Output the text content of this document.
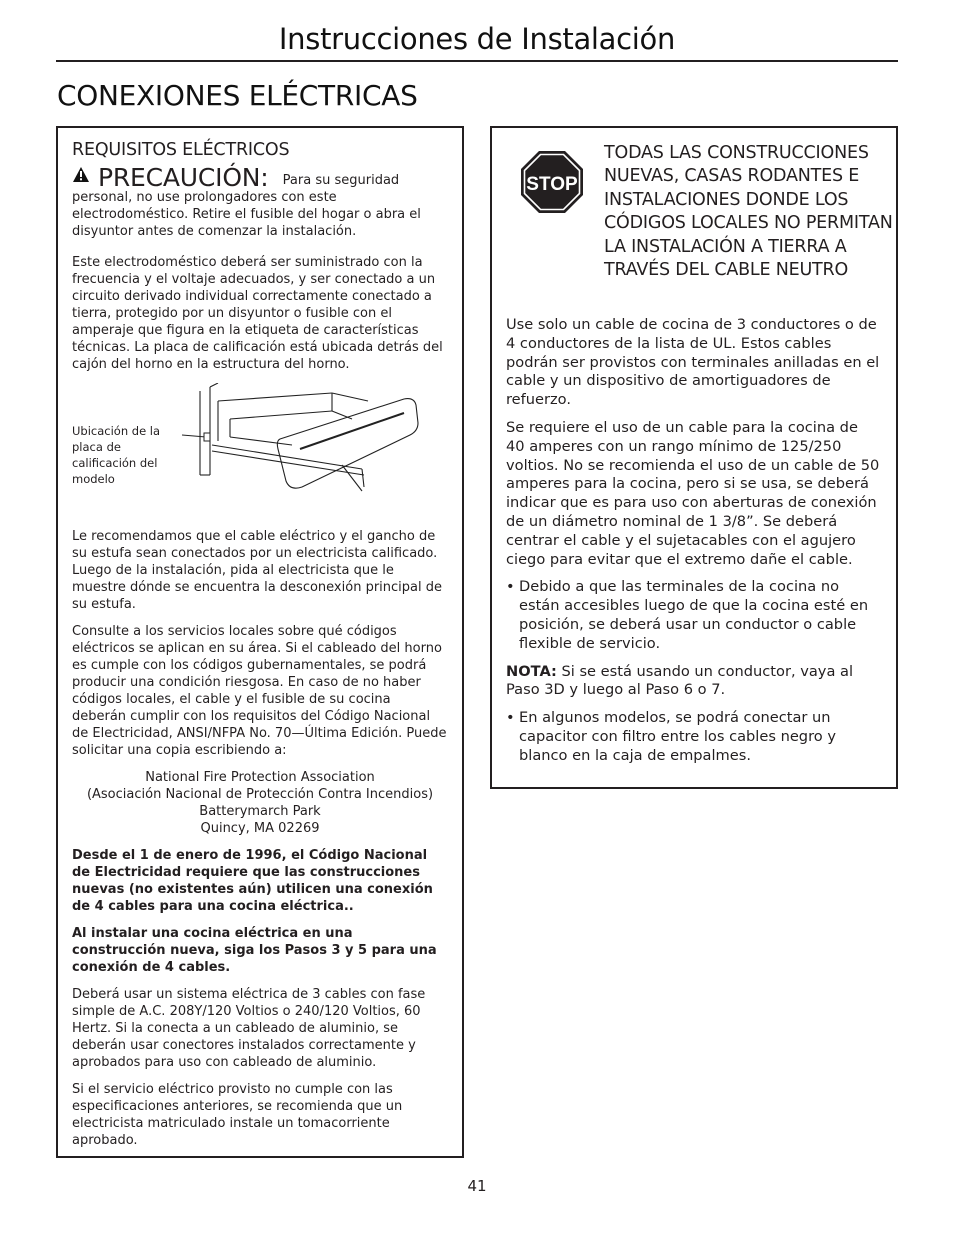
Instrucciones de Instalación
CONEXIONES ELÉCTRICAS
REQUISITOS ELÉCTRICOS
PRECAUCIÓN: Para su seguridad personal, no use prolongadores con este electrodoméstico. Retire el fusible del hogar o abra el disyuntor antes de comenzar la instalación.

Este electrodoméstico deberá ser suministrado con la frecuencia y el voltaje adecuados, y ser conectado a un circuito derivado individual correctamente conectado a tierra, protegido por un disyuntor o fusible con el amperaje que figura en la etiqueta de características técnicas. La placa de calificación está ubicada detrás del cajón del horno en la estructura del horno.

Ubicación de la placa de calificación del modelo

Le recomendamos que el cable eléctrico y el gancho de su estufa sean conectados por un electricista calificado. Luego de la instalación, pida al electricista que le muestre dónde se encuentra la desconexión principal de su estufa.

Consulte a los servicios locales sobre qué códigos eléctricos se aplican en su área. Si el cableado del horno es cumple con los códigos gubernamentales, se podrá producir una condición riesgosa. En caso de no haber códigos locales, el cable y el fusible de su cocina deberán cumplir con los requisitos del Código Nacional de Electricidad, ANSI/NFPA No. 70—Última Edición. Puede solicitar una copia escribiendo a:

National Fire Protection Association
(Asociación Nacional de Protección Contra Incendios)
Batterymarch Park
Quincy, MA 02269

Desde el 1 de enero de 1996, el Código Nacional de Electricidad requiere que las construcciones nuevas (no existentes aún) utilicen una conexión de 4 cables para una cocina eléctrica..

Al instalar una cocina eléctrica en una construcción nueva, siga los Pasos 3 y 5 para una conexión de 4 cables.

Deberá usar un sistema eléctrica de 3 cables con fase simple de A.C. 208Y/120 Voltios o 240/120 Voltios, 60 Hertz. Si la conecta a un cableado de aluminio, se deberán usar conectores instalados correctamente y aprobados para uso con cableado de aluminio.

Si el servicio eléctrico provisto no cumple con las especificaciones anteriores, se recomienda que un electricista matriculado instale un tomacorriente aprobado.

STOP
TODAS LAS CONSTRUCCIONES NUEVAS, CASAS RODANTES E INSTALACIONES DONDE LOS CÓDIGOS LOCALES NO PERMITAN LA INSTALACIÓN A TIERRA A TRAVÉS DEL CABLE NEUTRO

Use solo un cable de cocina de 3 conductores o de 4 conductores de la lista de UL. Estos cables podrán ser provistos con terminales anilladas en el cable y un dispositivo de amortiguadores de refuerzo.

Se requiere el uso de un cable para la cocina de 40 amperes con un rango mínimo de 125/250 voltios. No se recomienda el uso de un cable de 50 amperes para la cocina, pero si se usa, se deberá indicar que es para uso con aberturas de conexión de un diámetro nominal de 1 3/8”. Se deberá centrar el cable y el sujetacables con el agujero ciego para evitar que el extremo dañe el cable.

• Debido a que las terminales de la cocina no están accesibles luego de que la cocina esté en posición, se deberá usar un conductor o cable flexible de servicio.

NOTA: Si se está usando un conductor, vaya al Paso 3D y luego al Paso 6 o 7.

• En algunos modelos, se podrá conectar un capacitor con filtro entre los cables negro y blanco en la caja de empalmes.
41
